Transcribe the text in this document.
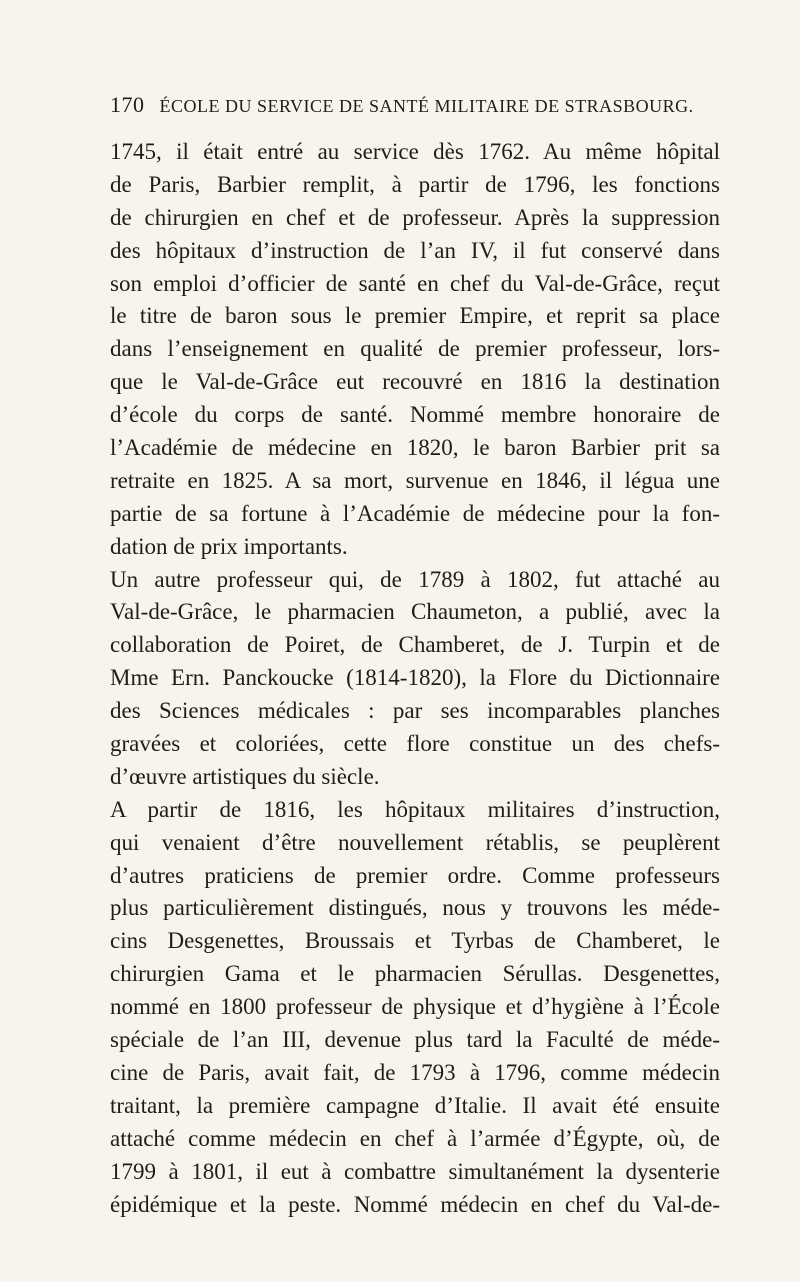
170 ÉCOLE DU SERVICE DE SANTÉ MILITAIRE DE STRASBOURG.
1745, il était entré au service dès 1762. Au même hôpital
de Paris, Barbier remplit, à partir de 1796, les fonctions
de chirurgien en chef et de professeur. Après la suppression
des hôpitaux d’instruction de l’an IV, il fut conservé dans
son emploi d’officier de santé en chef du Val-de-Grâce, reçut
le titre de baron sous le premier Empire, et reprit sa place
dans l’enseignement en qualité de premier professeur, lors-
que le Val-de-Grâce eut recouvré en 1816 la destination
d’école du corps de santé. Nommé membre honoraire de
l’Académie de médecine en 1820, le baron Barbier prit sa
retraite en 1825. A sa mort, survenue en 1846, il légua une
partie de sa fortune à l’Académie de médecine pour la fon-
dation de prix importants.
Un autre professeur qui, de 1789 à 1802, fut attaché au
Val-de-Grâce, le pharmacien Chaumeton, a publié, avec la
collaboration de Poiret, de Chamberet, de J. Turpin et de
Mme Ern. Panckoucke (1814-1820), la Flore du Dictionnaire
des Sciences médicales : par ses incomparables planches
gravées et coloriées, cette flore constitue un des chefs-
d’œuvre artistiques du siècle.
A partir de 1816, les hôpitaux militaires d’instruction,
qui venaient d’être nouvellement rétablis, se peuplèrent
d’autres praticiens de premier ordre. Comme professeurs
plus particulièrement distingués, nous y trouvons les méde-
cins Desgenettes, Broussais et Tyrbas de Chamberet, le
chirurgien Gama et le pharmacien Sérullas. Desgenettes,
nommé en 1800 professeur de physique et d’hygiène à l’École
spéciale de l’an III, devenue plus tard la Faculté de méde-
cine de Paris, avait fait, de 1793 à 1796, comme médecin
traitant, la première campagne d’Italie. Il avait été ensuite
attaché comme médecin en chef à l’armée d’Égypte, où, de
1799 à 1801, il eut à combattre simultanément la dysenterie
épidémique et la peste. Nommé médecin en chef du Val-de-
